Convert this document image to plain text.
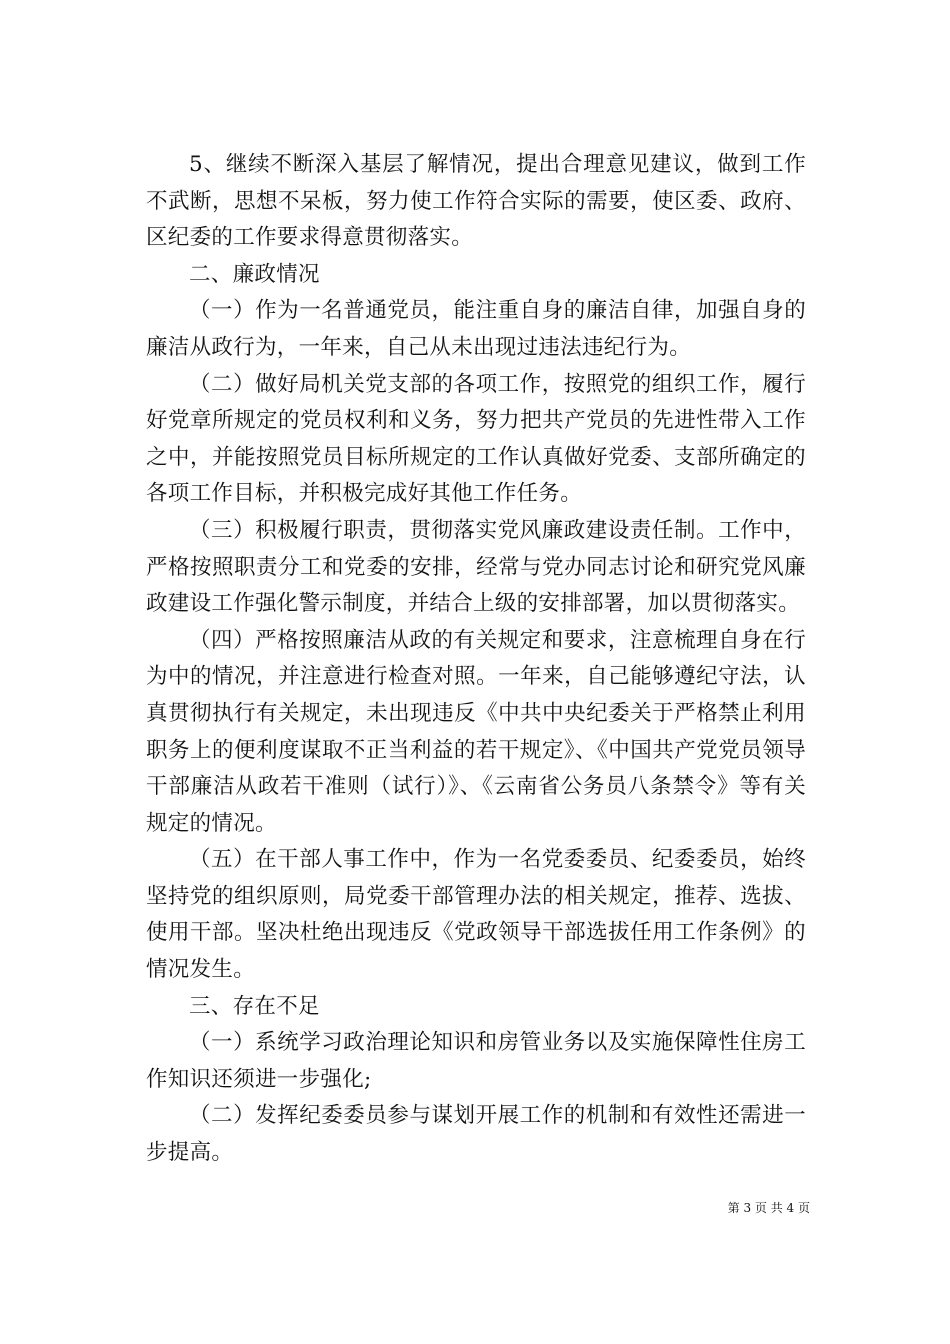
5、继续不断深入基层了解情况，提出合理意见建议，做到工作不武断，思想不呆板，努力使工作符合实际的需要，使区委、政府、区纪委的工作要求得意贯彻落实。

二、廉政情况

（一）作为一名普通党员，能注重自身的廉洁自律，加强自身的廉洁从政行为，一年来，自己从未出现过违法违纪行为。

（二）做好局机关党支部的各项工作，按照党的组织工作，履行好党章所规定的党员权利和义务，努力把共产党员的先进性带入工作之中，并能按照党员目标所规定的工作认真做好党委、支部所确定的各项工作目标，并积极完成好其他工作任务。

（三）积极履行职责，贯彻落实党风廉政建设责任制。工作中，严格按照职责分工和党委的安排，经常与党办同志讨论和研究党风廉政建设工作强化警示制度，并结合上级的安排部署，加以贯彻落实。

（四）严格按照廉洁从政的有关规定和要求，注意梳理自身在行为中的情况，并注意进行检查对照。一年来，自己能够遵纪守法，认真贯彻执行有关规定，未出现违反《中共中央纪委关于严格禁止利用职务上的便利度谋取不正当利益的若干规定》、《中国共产党党员领导干部廉洁从政若干准则（试行）》、《云南省公务员八条禁令》等有关规定的情况。

（五）在干部人事工作中，作为一名党委委员、纪委委员，始终坚持党的组织原则，局党委干部管理办法的相关规定，推荐、选拔、使用干部。坚决杜绝出现违反《党政领导干部选拔任用工作条例》的情况发生。

三、存在不足

（一）系统学习政治理论知识和房管业务以及实施保障性住房工作知识还须进一步强化;

（二）发挥纪委委员参与谋划开展工作的机制和有效性还需进一步提高。

第 3 页 共 4 页
